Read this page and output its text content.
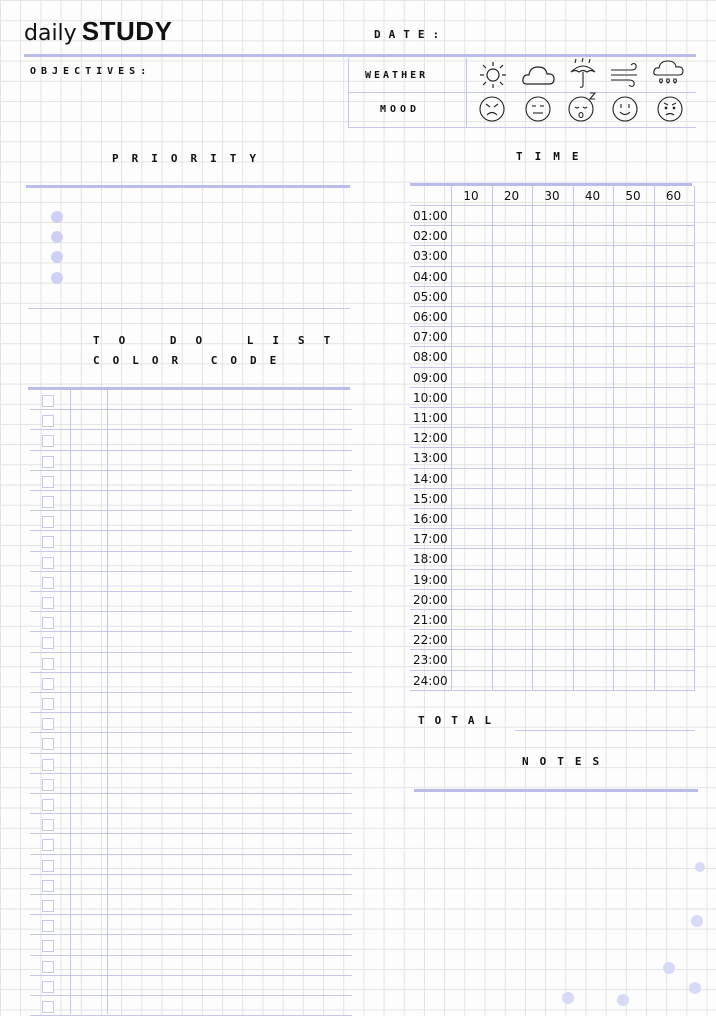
daily STUDY	DATE:
OBJECTIVES:	WEATHER
MOOD
PRIORITY
TO DO LIST
COLOR CODE
TIME
10	20	30	40	50	60
01:00
02:00
03:00
04:00
05:00
06:00
07:00
08:00
09:00
10:00
11:00
12:00
13:00
14:00
15:00
16:00
17:00
18:00
19:00
20:00
21:00
22:00
23:00
24:00
TOTAL
NOTES
